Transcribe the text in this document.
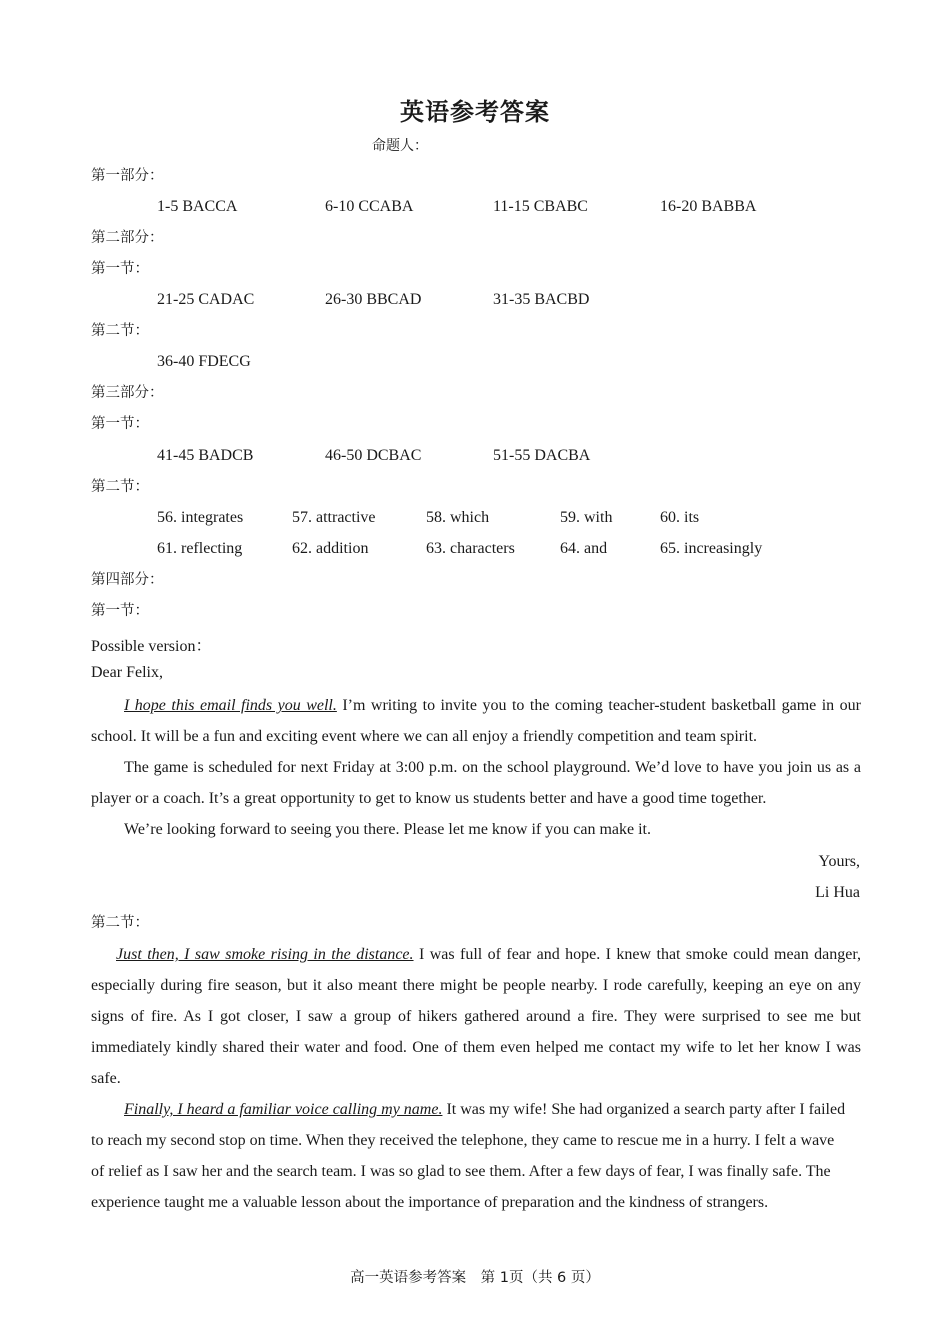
英语参考答案
命题人：
第一部分：
1-5 BACCA	6-10 CCABA	11-15 CBABC	16-20 BABBA
第二部分：
第一节：
21-25 CADAC	26-30 BBCAD	31-35 BACBD
第二节：
36-40 FDECG
第三部分：
第一节：
41-45 BADCB	46-50 DCBAC	51-55 DACBA
第二节：
56. integrates	57. attractive	58. which	59. with	60. its
61. reflecting	62. addition	63. characters	64. and	65. increasingly
第四部分：
第一节：
Possible version：
Dear Felix,
I hope this email finds you well. I’m writing to invite you to the coming teacher-student basketball game in our school. It will be a fun and exciting event where we can all enjoy a friendly competition and team spirit.
The game is scheduled for next Friday at 3:00 p.m. on the school playground. We’d love to have you join us as a player or a coach. It’s a great opportunity to get to know us students better and have a good time together.
We’re looking forward to seeing you there. Please let me know if you can make it.
Yours,
Li Hua
第二节：
Just then, I saw smoke rising in the distance. I was full of fear and hope. I knew that smoke could mean danger, especially during fire season, but it also meant there might be people nearby. I rode carefully, keeping an eye on any signs of fire. As I got closer, I saw a group of hikers gathered around a fire. They were surprised to see me but immediately kindly shared their water and food. One of them even helped me contact my wife to let her know I was safe.
Finally, I heard a familiar voice calling my name. It was my wife! She had organized a search party after I failed to reach my second stop on time. When they received the telephone, they came to rescue me in a hurry. I felt a wave of relief as I saw her and the search team. I was so glad to see them. After a few days of fear, I was finally safe. The experience taught me a valuable lesson about the importance of preparation and the kindness of strangers.
高一英语参考答案　第 1页（共 6 页）
